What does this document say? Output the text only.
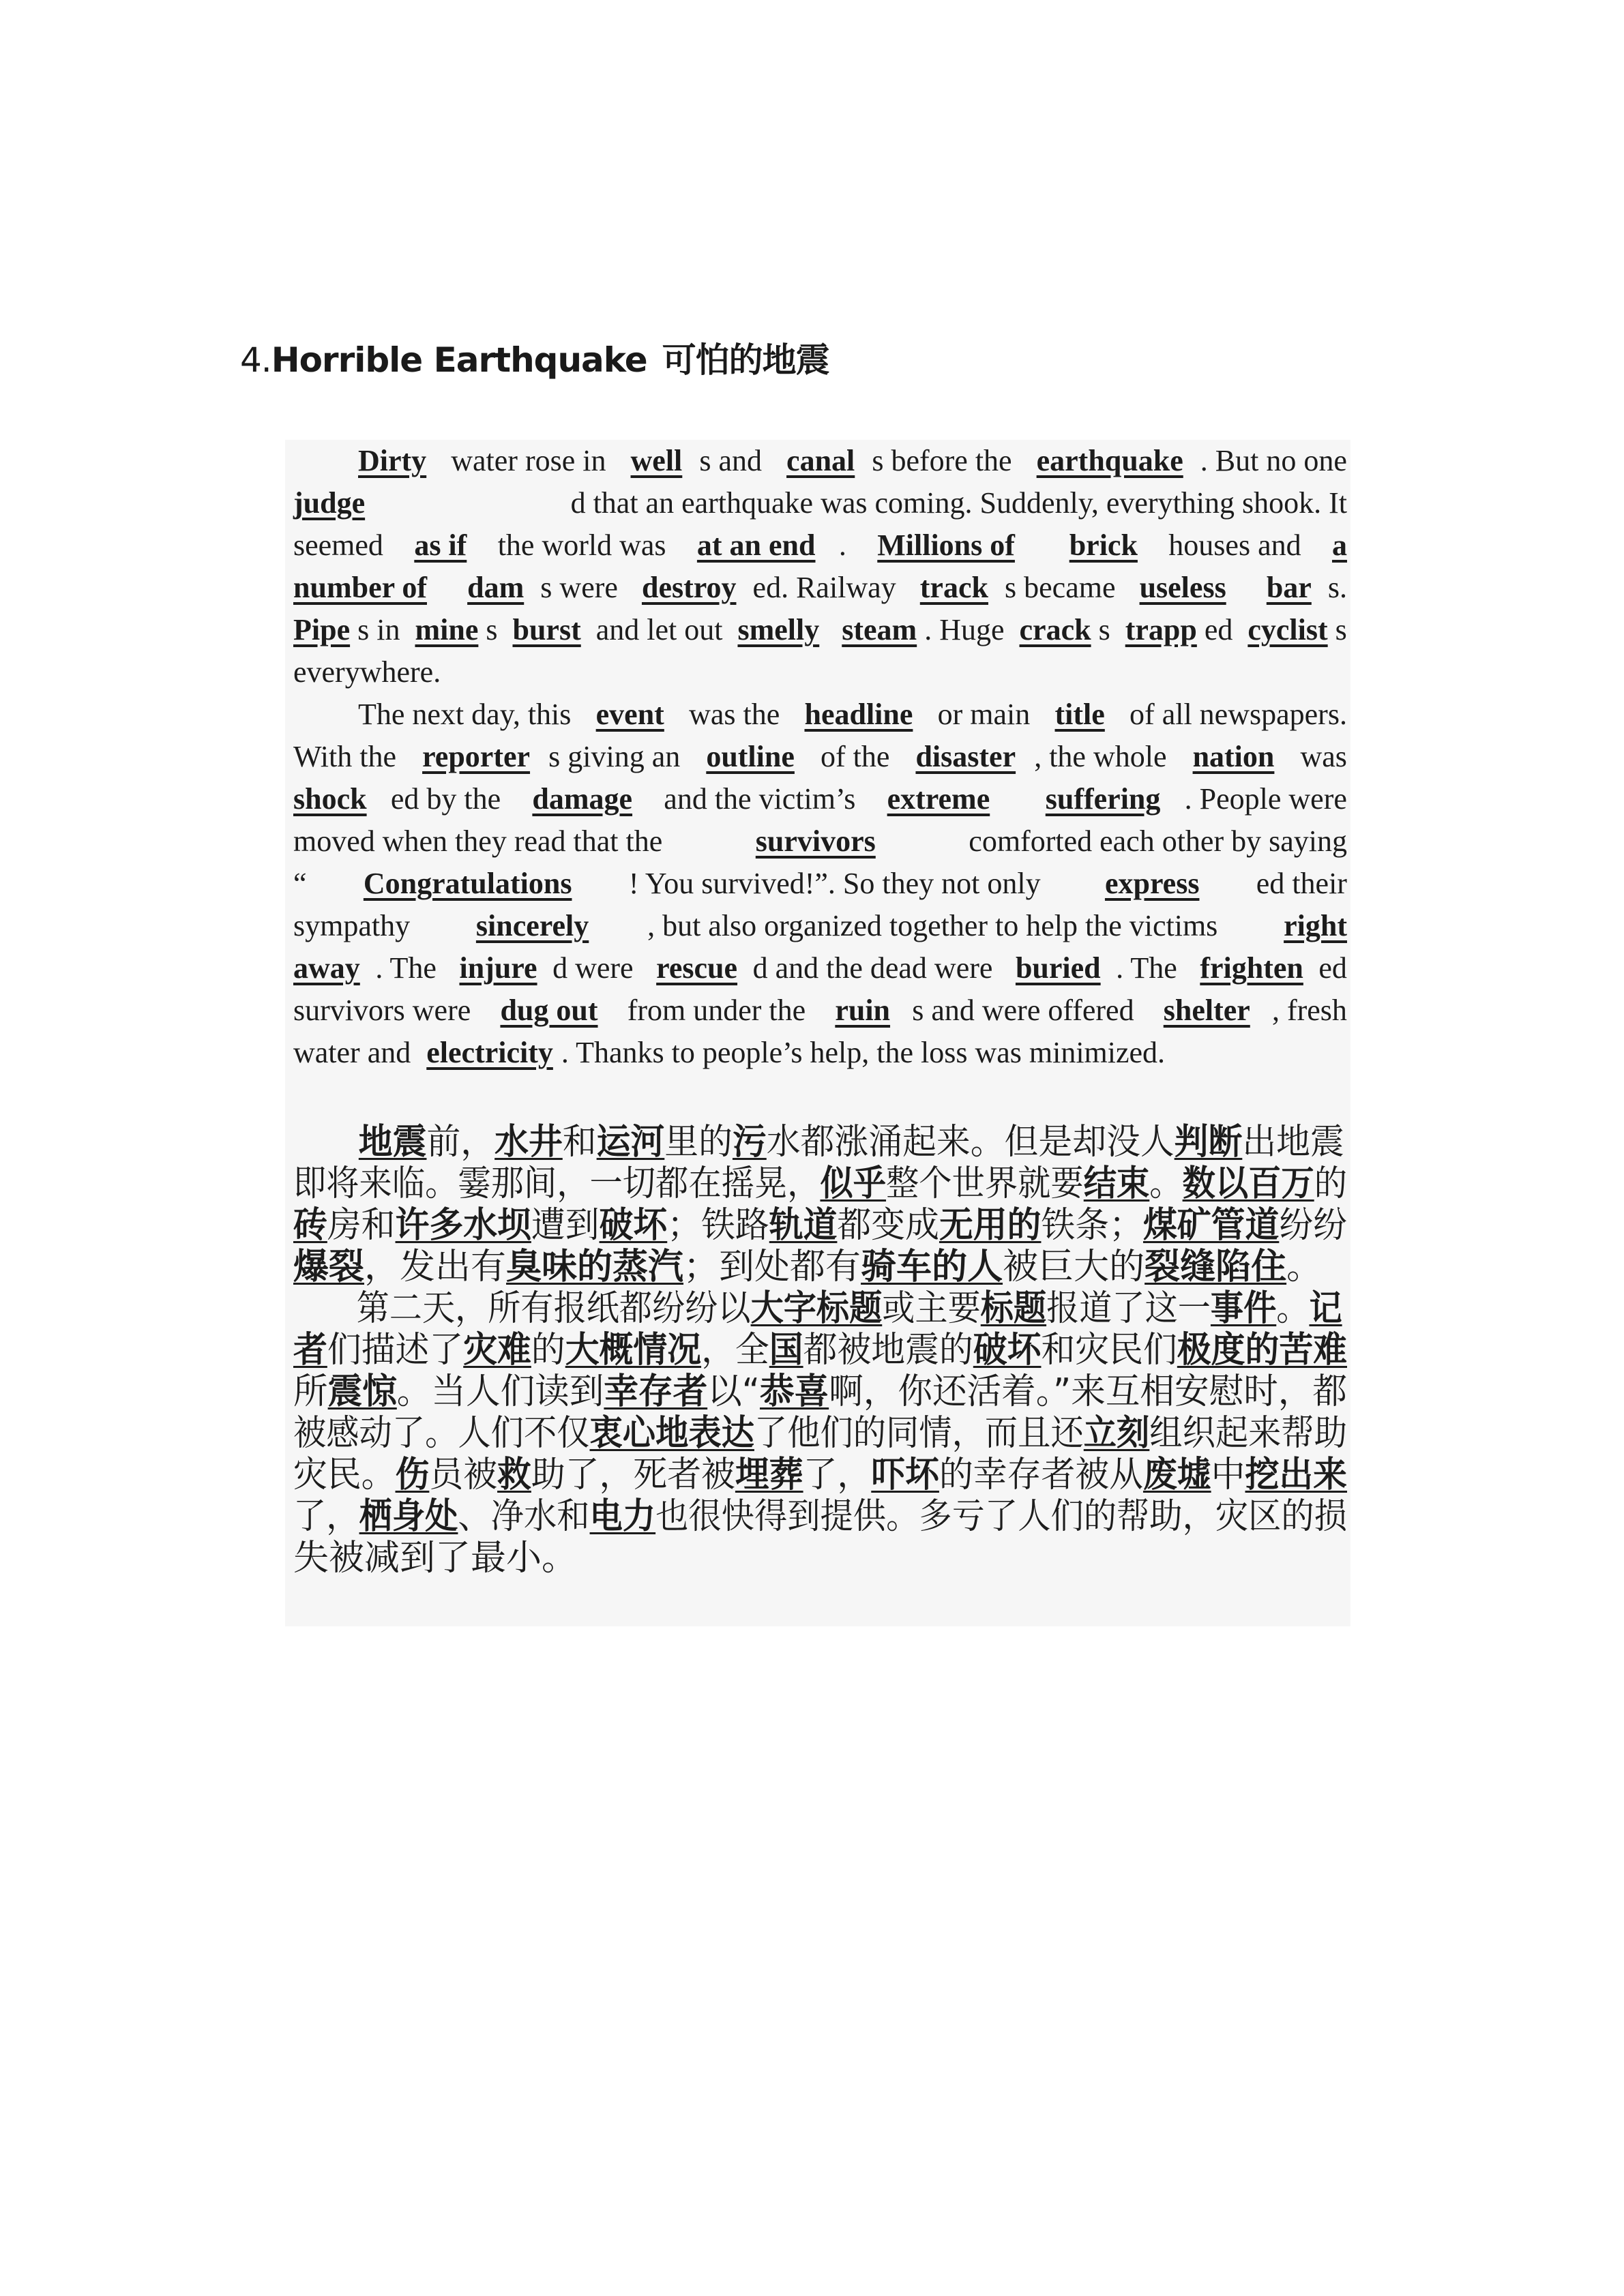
4.Horrible Earthquake 可怕的地震
Dirty water rose in well s and canal s before the earthquake . But no one
judge	d that an earthquake was coming. Suddenly, everything shook. It
seemed as if the world was at an end . Millions of
brick houses and a
number of
dam s were destroy ed. Railway track s became useless
bar s.
Pipe s in mine s burst and let out smelly
steam . Huge crack s trapp ed cyclist s
everywhere.
The next day, this event was the headline or main title of all newspapers.
With the reporter s giving an outline of the disaster , the whole nation was
shock ed by the damage and the victim’s extreme
suffering . People were
moved when they read that the	survivors	comforted each other by saying
“ Congratulations ! You survived!”. So they not only express ed their
sympathy sincerely , but also organized together to help the victims right
away . The injure d were rescue d and the dead were buried . The frighten ed
survivors were dug out from under the ruin s and were offered shelter , fresh
water and electricity . Thanks to people’s help, the loss was minimized.
地震 前， 水井 和 运河 里的 污 水都涨涌起来。但是却没人 判断 出地震
即将来临。霎那间，一切都在摇晃， 似乎 整个世界就要 结束 。 数以百万 的
砖 房和 许多水坝 遭到 破坏 ；铁路 轨道 都变成 无用的 铁条； 煤矿管道 纷纷
爆裂 ，发出有 臭味的蒸汽 ；到处都有 骑车的人 被巨大的 裂缝陷住 。
第二天，所有报纸都纷纷以 大字标题 或主要 标题 报道了这一 事件 。 记
者 们描述了 灾难 的 大概情况 ，全 国 都被地震的 破坏 和灾民们 极度的苦难
所 震惊 。当人们读到 幸存者 以“ 恭喜 啊，你还活着。”来互相安慰时，都
被感动了。人们不仅 衷心地表达 了他们的同情，而且还 立刻 组织起来帮助
灾民。 伤 员被 救 助了，死者被 埋葬 了， 吓坏 的幸存者被从 废墟 中 挖出来
了， 栖身处 、净水和 电力 也很快得到提供。多亏了人们的帮助，灾区的损
失被减到了最小。
